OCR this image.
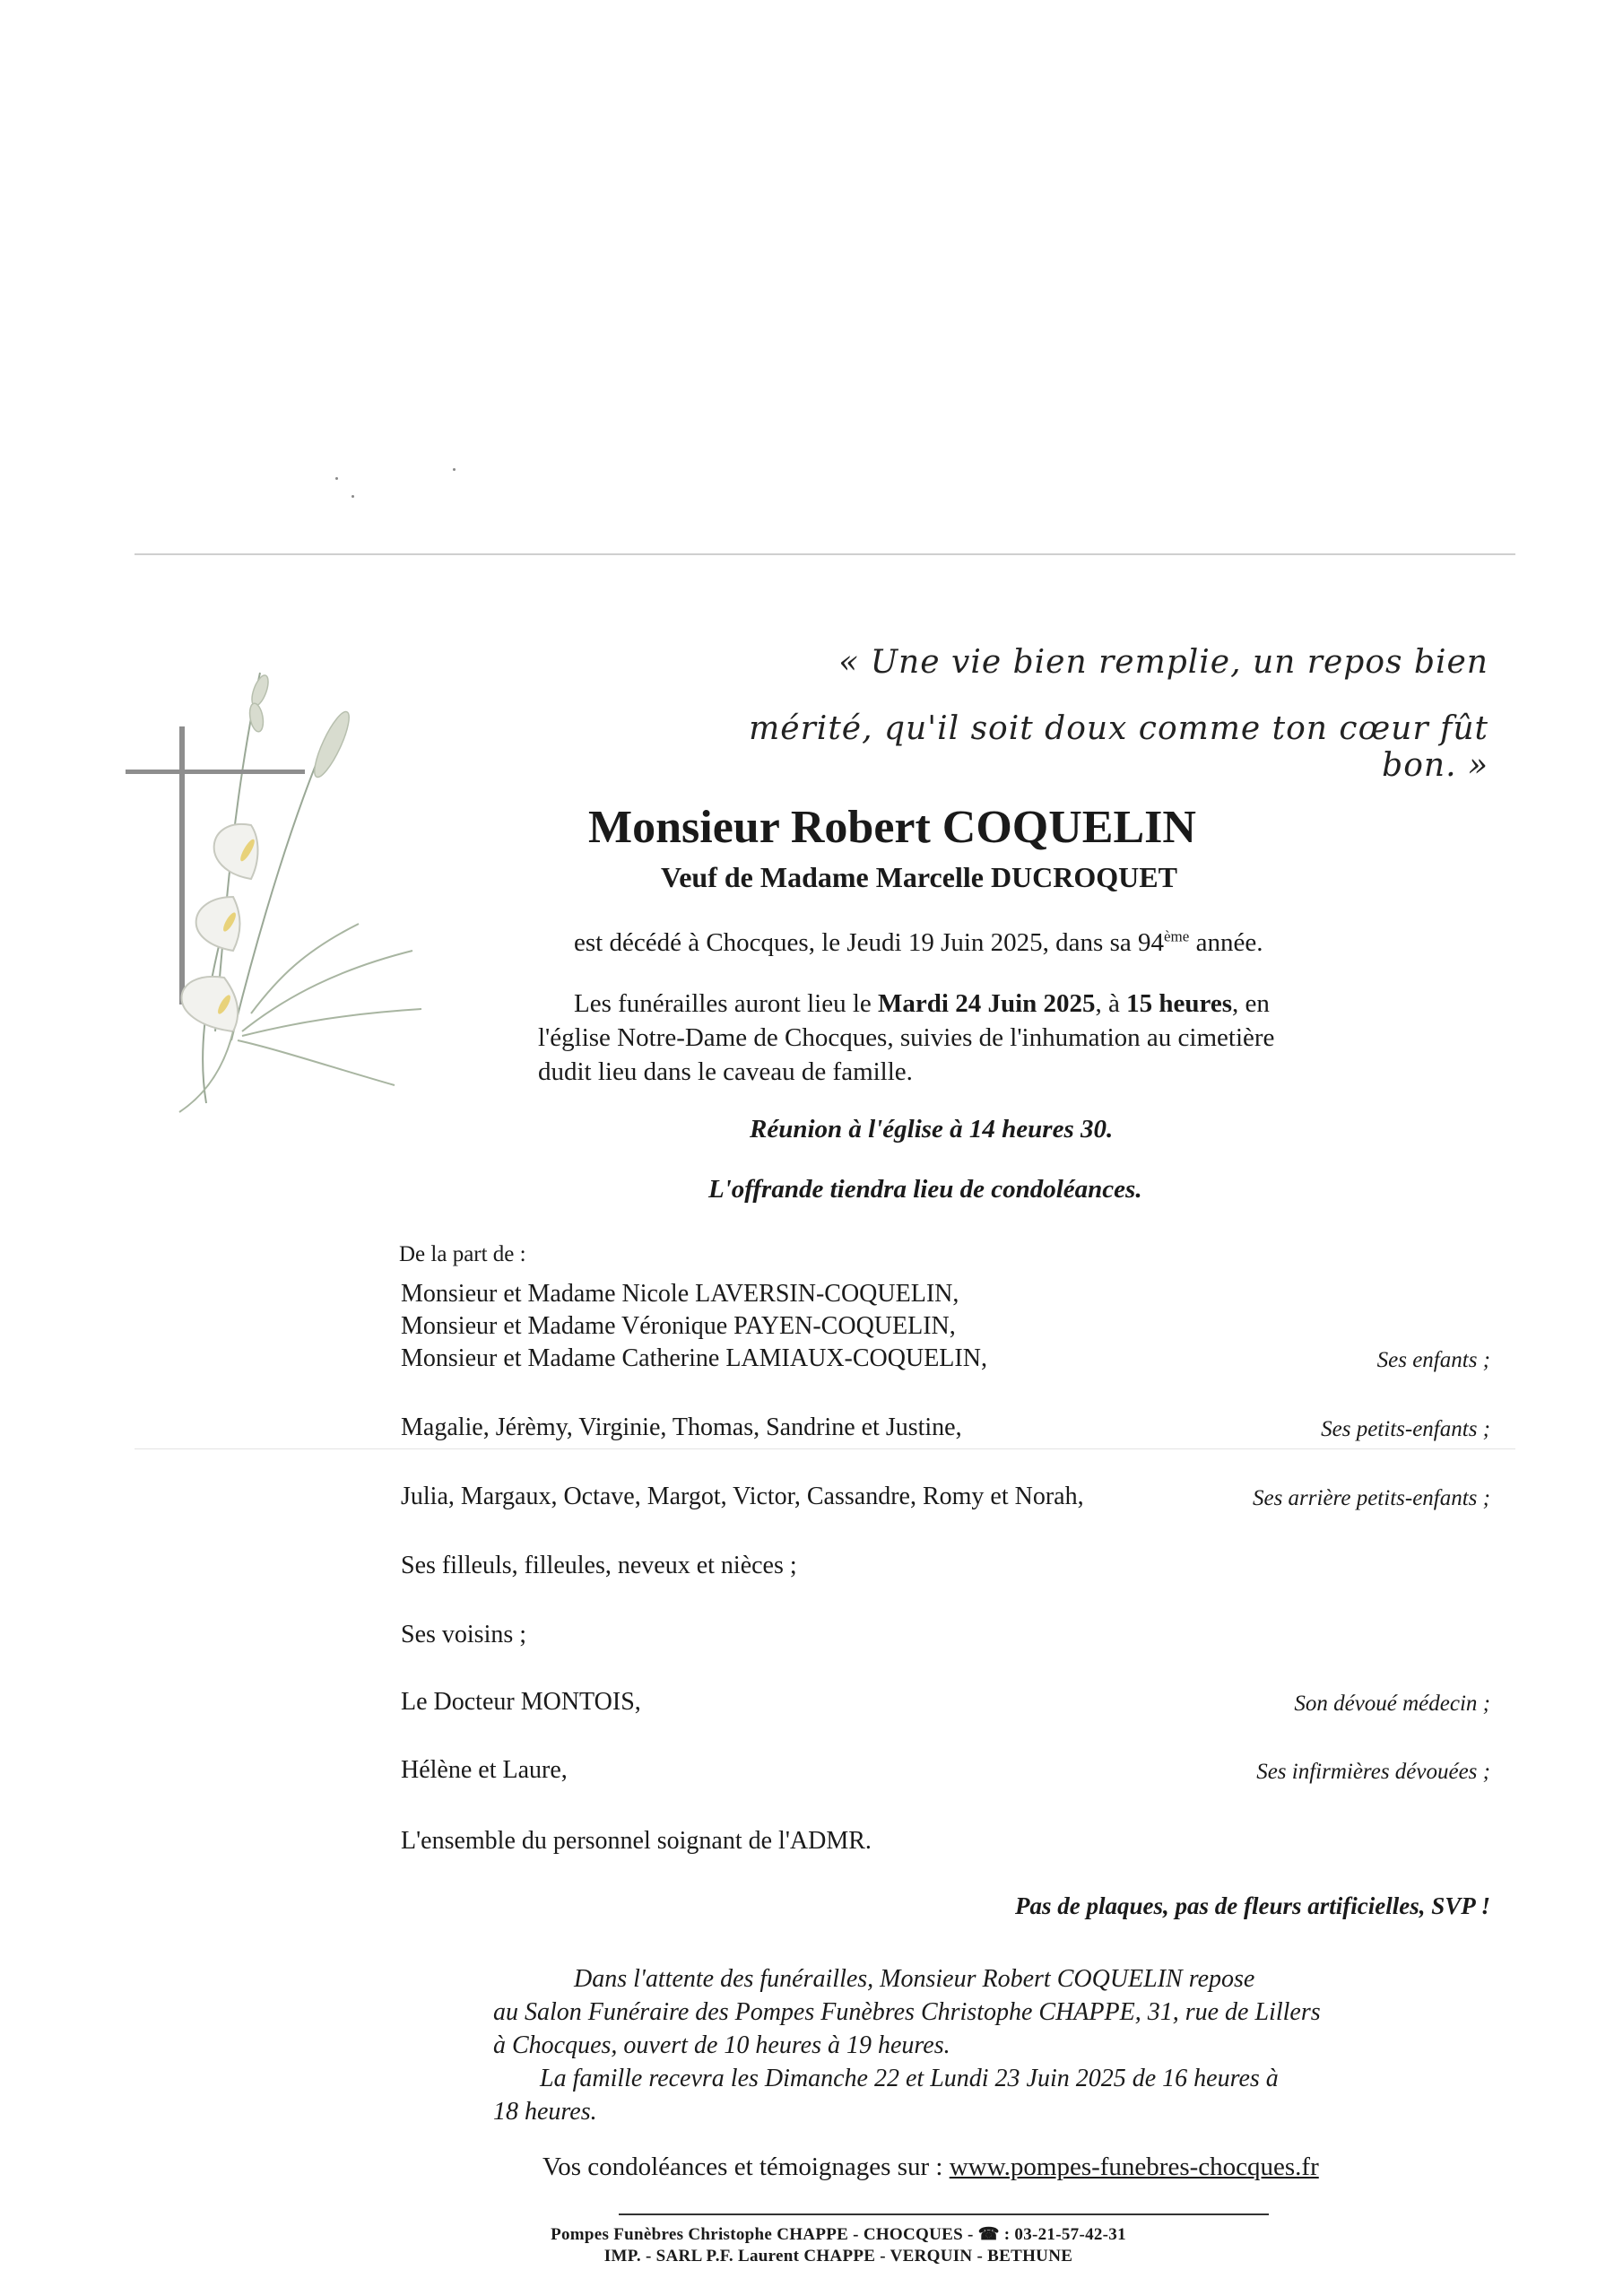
« Une vie bien remplie, un repos bien
mérité, qu'il soit doux comme ton cœur fût bon. »
Monsieur Robert COQUELIN
Veuf de Madame Marcelle DUCROQUET
est décédé à Chocques, le Jeudi 19 Juin 2025, dans sa 94ème année.
Les funérailles auront lieu le Mardi 24 Juin 2025, à 15 heures, en
l'église Notre-Dame de Chocques, suivies de l'inhumation au cimetière
dudit lieu dans le caveau de famille.
Réunion à l'église à 14 heures 30.
L'offrande tiendra lieu de condoléances.
De la part de :
Monsieur et Madame Nicole LAVERSIN-COQUELIN,
Monsieur et Madame Véronique PAYEN-COQUELIN,
Monsieur et Madame Catherine LAMIAUX-COQUELIN,	Ses enfants ;
Magalie, Jérèmy, Virginie, Thomas, Sandrine et Justine,	Ses petits-enfants ;
Julia, Margaux, Octave, Margot, Victor, Cassandre, Romy et Norah,	Ses arrière petits-enfants ;
Ses filleuls, filleules, neveux et nièces ;
Ses voisins ;
Le Docteur MONTOIS,	Son dévoué médecin ;
Hélène et Laure,	Ses infirmières dévouées ;
L'ensemble du personnel soignant de l'ADMR.
Pas de plaques, pas de fleurs artificielles, SVP !
Dans l'attente des funérailles, Monsieur Robert COQUELIN repose
au Salon Funéraire des Pompes Funèbres Christophe CHAPPE, 31, rue de Lillers
à Chocques, ouvert de 10 heures à 19 heures.
La famille recevra les Dimanche 22 et Lundi 23 Juin 2025 de 16 heures à
18 heures.
Vos condoléances et témoignages sur : www.pompes-funebres-chocques.fr
Pompes Funèbres Christophe CHAPPE - CHOCQUES - ☎ : 03-21-57-42-31
IMP. - SARL P.F. Laurent CHAPPE - VERQUIN - BETHUNE
